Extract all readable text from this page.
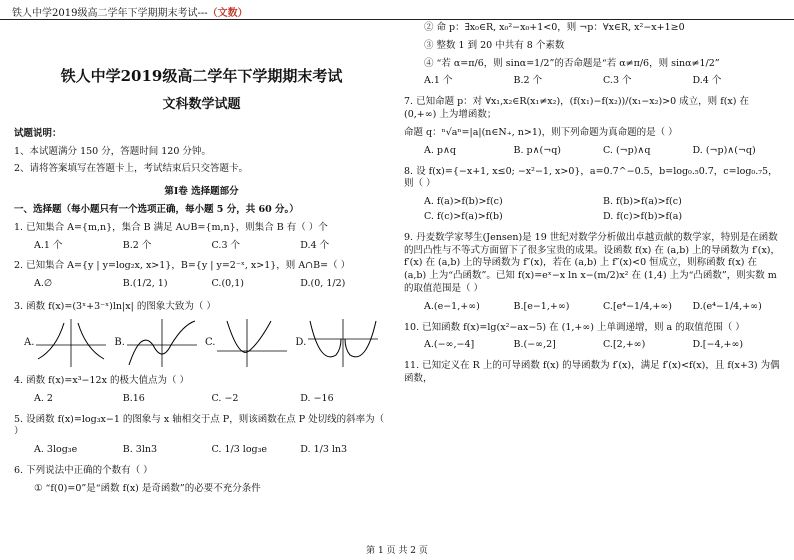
铁人中学2019级高二学年下学期期末考试---（文数）
铁人中学2019级高二学年下学期期末考试
文科数学试题

试题说明：

1、本试题满分 150 分，答题时间 120 分钟。

2、请将答案填写在答题卡上，考试结束后只交答题卡。

第Ⅰ卷 选择题部分

一、选择题（每小题只有一个选项正确，每小题 5 分，共 60 分。）

1. 已知集合 A={m,n}，集合 B 满足 A∪B={m,n}，则集合 B 有（ ）个

A.1 个	B.2 个	C.3 个	D.4 个

2. 已知集合 A={y | y=log₂x, x>1}，B={y | y=2⁻ˣ, x>1}，则 A∩B=（ ）

A.∅	B.(1/2, 1)	C.(0,1)	D.(0, 1/2)

3. 函数 f(x)=(3ˣ+3⁻ˣ)ln|x| 的图象大致为（ ）

A.	B.	C.	D.

4. 函数 f(x)=x³−12x 的极大值点为（ ）

A. 2	B.16	C. −2	D. −16

5. 设函数 f(x)=log₃x−1 的图象与 x 轴相交于点 P，则该函数在点 P 处切线的斜率为（ ）

A. 3log₃e	B. 3ln3	C. 1/3 log₃e	D. 1/3 ln3

6. 下列说法中正确的个数有（ ）

① “f(0)=0”是“函数 f(x) 是奇函数”的必要不充分条件

② 命 p：∃x₀∈R, x₀²−x₀+1<0，则 ¬p：∀x∈R, x²−x+1≥0

③ 整数 1 到 20 中共有 8 个素数

④ “若 α=π/6，则 sinα=1/2”的否命题是“若 α≠π/6，则 sinα≠1/2”

A.1 个	B.2 个	C.3 个	D.4 个

7. 已知命题 p：对 ∀x₁,x₂∈R(x₁≠x₂)，(f(x₁)−f(x₂))/(x₁−x₂)>0 成立，则 f(x) 在 (0,+∞) 上为增函数；

命题 q：ⁿ√aⁿ=|a|(n∈N₊, n>1)，则下列命题为真命题的是（ ）

A. p∧q	B. p∧(¬q)	C. (¬p)∧q	D. (¬p)∧(¬q)

8. 设 f(x)={−x+1, x≤0; −x²−1, x>0}，a=0.7^−0.5，b=log₀.₅0.7，c=log₀.₇5，则（ ）

A. f(a)>f(b)>f(c)	B. f(b)>f(a)>f(c)
C. f(c)>f(a)>f(b)	D. f(c)>f(b)>f(a)

9. 丹麦数学家琴生(Jensen)是 19 世纪对数学分析做出卓越贡献的数学家，特别是在函数的凹凸性与不等式方面留下了很多宝贵的成果。设函数 f(x) 在 (a,b) 上的导函数为 f′(x)，f′(x) 在 (a,b) 上的导函数为 f″(x)，若在 (a,b) 上 f″(x)<0 恒成立，则称函数 f(x) 在 (a,b) 上为“凸函数”。已知 f(x)=eˣ−x ln x−(m/2)x² 在 (1,4) 上为“凸函数”，则实数 m 的取值范围是（ ）

A.(e−1,+∞)	B.[e−1,+∞)	C.[e⁴−1/4,+∞)	D.(e⁴−1/4,+∞)

10. 已知函数 f(x)=lg(x²−ax−5) 在 (1,+∞) 上单调递增，则 a 的取值范围（ ）

A.(−∞,−4]	B.(−∞,2]	C.[2,+∞)	D.[−4,+∞)

11. 已知定义在 R 上的可导函数 f(x) 的导函数为 f′(x)，满足 f′(x)<f(x)，且 f(x+3) 为偶函数，

第 1 页 共 2 页
